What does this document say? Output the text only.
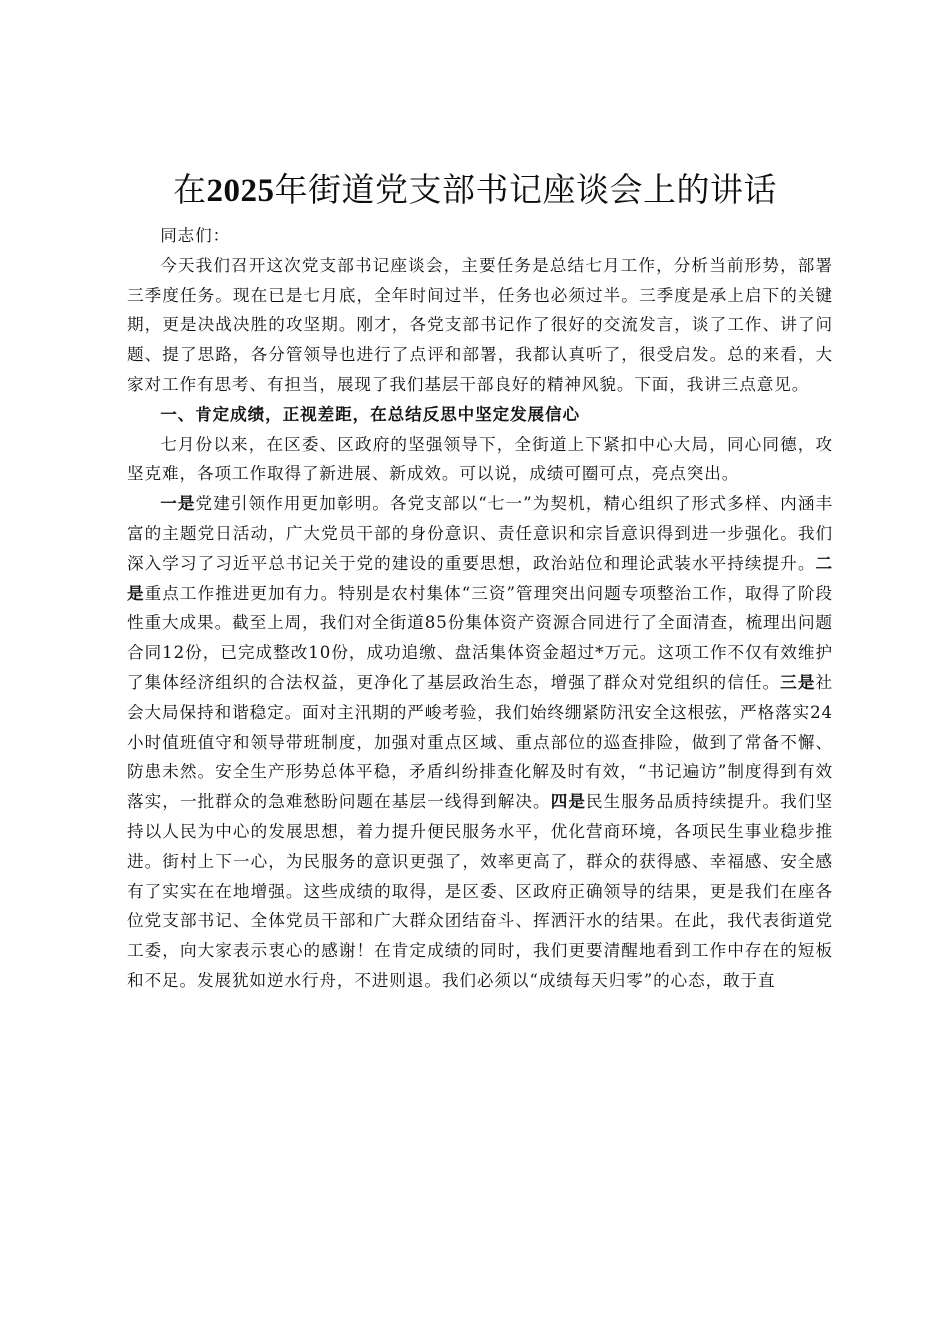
在2025年街道党支部书记座谈会上的讲话

同志们：

今天我们召开这次党支部书记座谈会，主要任务是总结七月工作，分析当前形势，部署三季度任务。现在已是七月底，全年时间过半，任务也必须过半。三季度是承上启下的关键期，更是决战决胜的攻坚期。刚才，各党支部书记作了很好的交流发言，谈了工作、讲了问题、提了思路，各分管领导也进行了点评和部署，我都认真听了，很受启发。总的来看，大家对工作有思考、有担当，展现了我们基层干部良好的精神风貌。下面，我讲三点意见。

一、肯定成绩，正视差距，在总结反思中坚定发展信心

七月份以来，在区委、区政府的坚强领导下，全街道上下紧扣中心大局，同心同德，攻坚克难，各项工作取得了新进展、新成效。可以说，成绩可圈可点，亮点突出。

一是党建引领作用更加彰明。各党支部以“七一”为契机，精心组织了形式多样、内涵丰富的主题党日活动，广大党员干部的身份意识、责任意识和宗旨意识得到进一步强化。我们深入学习了习近平总书记关于党的建设的重要思想，政治站位和理论武装水平持续提升。二是重点工作推进更加有力。特别是农村集体“三资”管理突出问题专项整治工作，取得了阶段性重大成果。截至上周，我们对全街道85份集体资产资源合同进行了全面清查，梳理出问题合同12份，已完成整改10份，成功追缴、盘活集体资金超过*万元。这项工作不仅有效维护了集体经济组织的合法权益，更净化了基层政治生态，增强了群众对党组织的信任。三是社会大局保持和谐稳定。面对主汛期的严峻考验，我们始终绷紧防汛安全这根弦，严格落实24小时值班值守和领导带班制度，加强对重点区域、重点部位的巡查排险，做到了常备不懈、防患未然。安全生产形势总体平稳，矛盾纠纷排查化解及时有效，“书记遍访”制度得到有效落实，一批群众的急难愁盼问题在基层一线得到解决。四是民生服务品质持续提升。我们坚持以人民为中心的发展思想，着力提升便民服务水平，优化营商环境，各项民生事业稳步推进。街村上下一心，为民服务的意识更强了，效率更高了，群众的获得感、幸福感、安全感有了实实在在地增强。这些成绩的取得，是区委、区政府正确领导的结果，更是我们在座各位党支部书记、全体党员干部和广大群众团结奋斗、挥洒汗水的结果。在此，我代表街道党工委，向大家表示衷心的感谢！在肯定成绩的同时，我们更要清醒地看到工作中存在的短板和不足。发展犹如逆水行舟，不进则退。我们必须以“成绩每天归零”的心态，敢于直
